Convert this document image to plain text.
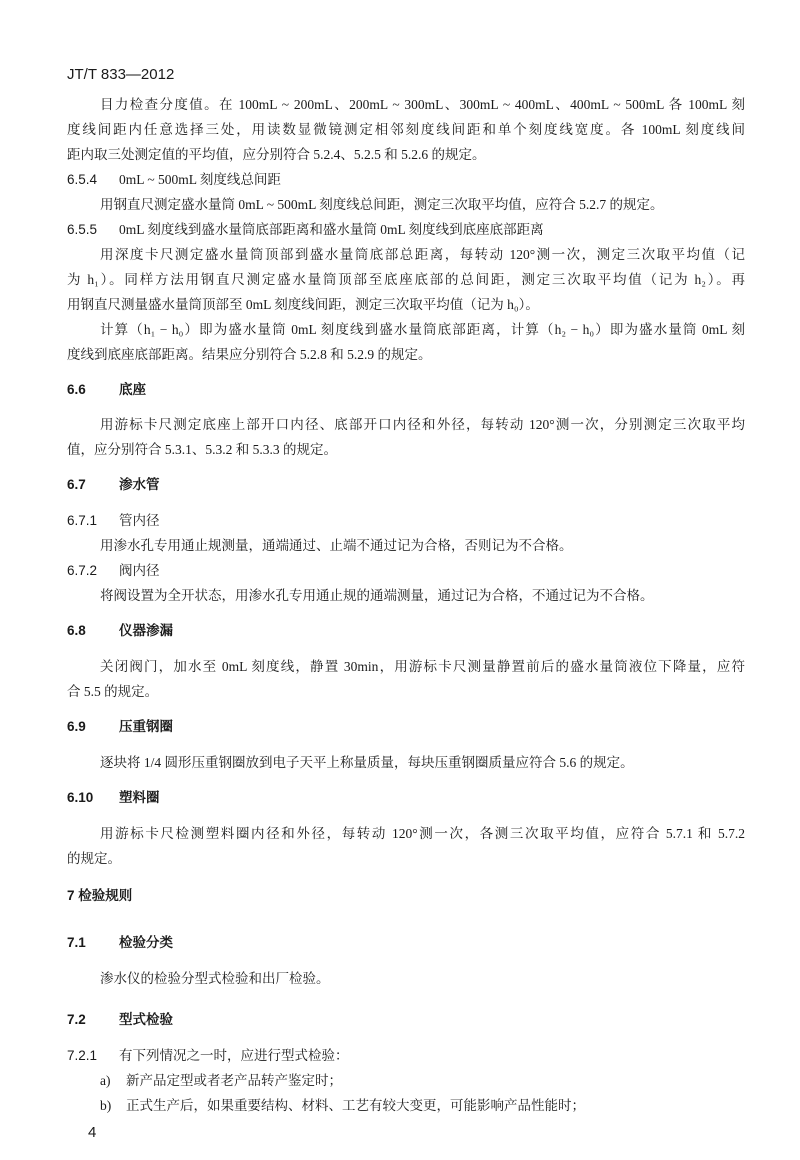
JT/T 833—2012
目力检查分度值。在 100mL ~ 200mL、200mL ~ 300mL、300mL ~ 400mL、400mL ~ 500mL 各 100mL 刻
度线间距内任意选择三处，用读数显微镜测定相邻刻度线间距和单个刻度线宽度。各 100mL 刻度线间
距内取三处测定值的平均值，应分别符合 5.2.4、5.2.5 和 5.2.6 的规定。
6.5.4 0mL ~ 500mL 刻度线总间距
用钢直尺测定盛水量筒 0mL ~ 500mL 刻度线总间距，测定三次取平均值，应符合 5.2.7 的规定。
6.5.5 0mL 刻度线到盛水量筒底部距离和盛水量筒 0mL 刻度线到底座底部距离
用深度卡尺测定盛水量筒顶部到盛水量筒底部总距离，每转动 120°测一次，测定三次取平均值（记
为 h₁）。同样方法用钢直尺测定盛水量筒顶部至底座底部的总间距，测定三次取平均值（记为 h₂）。再
用钢直尺测量盛水量筒顶部至 0mL 刻度线间距，测定三次取平均值（记为 h₀）。
计算（h₁ − h₀）即为盛水量筒 0mL 刻度线到盛水量筒底部距离，计算（h₂ − h₀）即为盛水量筒 0mL 刻
度线到底座底部距离。结果应分别符合 5.2.8 和 5.2.9 的规定。
6.6 底座
用游标卡尺测定底座上部开口内径、底部开口内径和外径，每转动 120°测一次，分别测定三次取平均
值，应分别符合 5.3.1、5.3.2 和 5.3.3 的规定。
6.7 渗水管
6.7.1 管内径
用渗水孔专用通止规测量，通端通过、止端不通过记为合格，否则记为不合格。
6.7.2 阀内径
将阀设置为全开状态，用渗水孔专用通止规的通端测量，通过记为合格，不通过记为不合格。
6.8 仪器渗漏
关闭阀门，加水至 0mL 刻度线，静置 30min，用游标卡尺测量静置前后的盛水量筒液位下降量，应符
合 5.5 的规定。
6.9 压重钢圈
逐块将 1/4 圆形压重钢圈放到电子天平上称量质量，每块压重钢圈质量应符合 5.6 的规定。
6.10 塑料圈
用游标卡尺检测塑料圈内径和外径，每转动 120°测一次，各测三次取平均值，应符合 5.7.1 和 5.7.2
的规定。
7 检验规则
7.1 检验分类
渗水仪的检验分型式检验和出厂检验。
7.2 型式检验
7.2.1 有下列情况之一时，应进行型式检验：
a) 新产品定型或者老产品转产鉴定时；
b) 正式生产后，如果重要结构、材料、工艺有较大变更，可能影响产品性能时；
4
